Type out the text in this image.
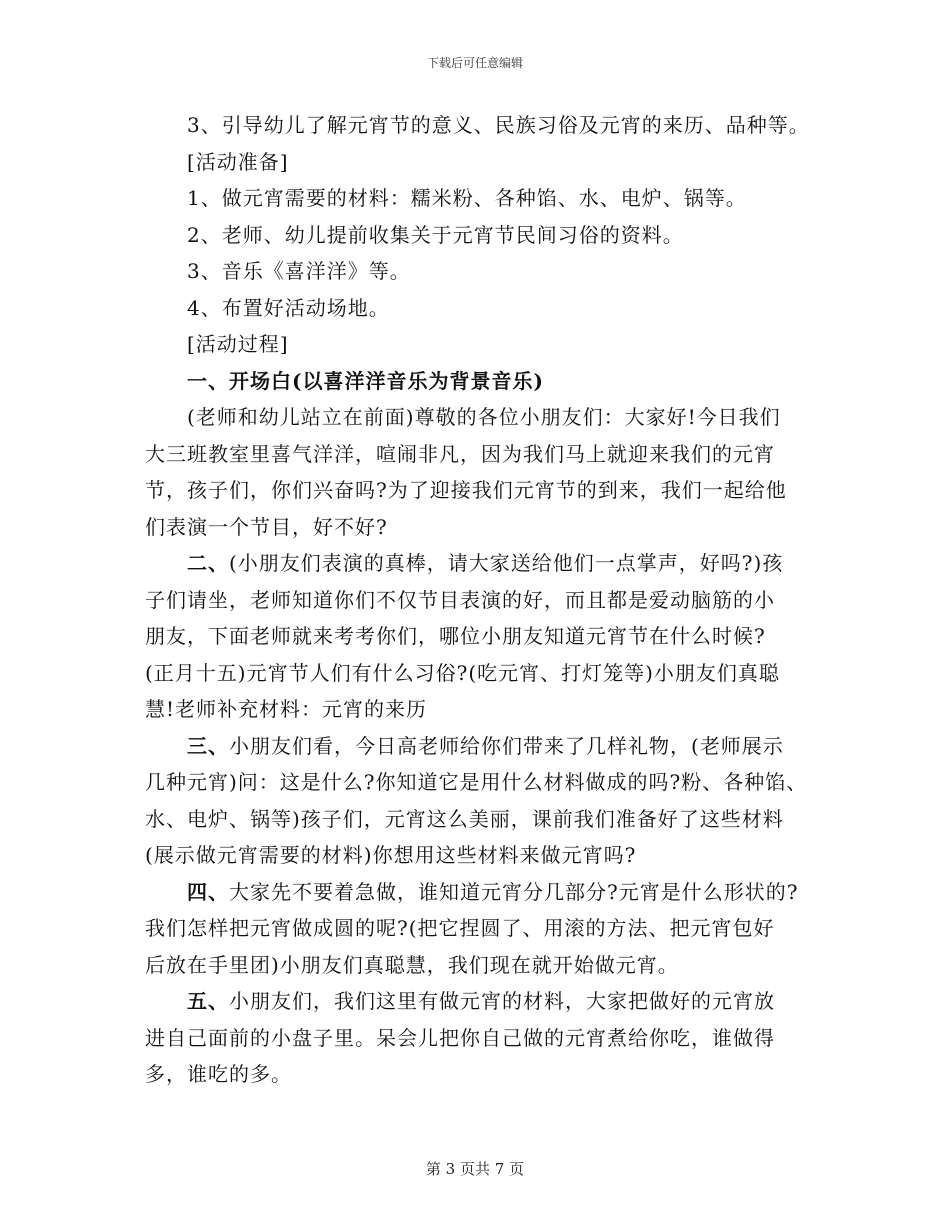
下载后可任意编辑
3、引导幼儿了解元宵节的意义、民族习俗及元宵的来历、品种等。
[活动准备]
1、做元宵需要的材料：糯米粉、各种馅、水、电炉、锅等。
2、老师、幼儿提前收集关于元宵节民间习俗的资料。
3、音乐《喜洋洋》等。
4、布置好活动场地。
[活动过程]
一、开场白(以喜洋洋音乐为背景音乐)
(老师和幼儿站立在前面)尊敬的各位小朋友们：大家好!今日我们
大三班教室里喜气洋洋，喧闹非凡，因为我们马上就迎来我们的元宵
节，孩子们，你们兴奋吗?为了迎接我们元宵节的到来，我们一起给他
们表演一个节目，好不好?
二、(小朋友们表演的真棒，请大家送给他们一点掌声，好吗?)孩
子们请坐，老师知道你们不仅节目表演的好，而且都是爱动脑筋的小
朋友，下面老师就来考考你们，哪位小朋友知道元宵节在什么时候?
(正月十五)元宵节人们有什么习俗?(吃元宵、打灯笼等)小朋友们真聪
慧!老师补充材料：元宵的来历
三、小朋友们看，今日高老师给你们带来了几样礼物，(老师展示
几种元宵)问：这是什么?你知道它是用什么材料做成的吗?粉、各种馅、
水、电炉、锅等)孩子们，元宵这么美丽，课前我们准备好了这些材料
(展示做元宵需要的材料)你想用这些材料来做元宵吗?
四、大家先不要着急做，谁知道元宵分几部分?元宵是什么形状的?
我们怎样把元宵做成圆的呢?(把它捏圆了、用滚的方法、把元宵包好
后放在手里团)小朋友们真聪慧，我们现在就开始做元宵。
五、小朋友们，我们这里有做元宵的材料，大家把做好的元宵放
进自己面前的小盘子里。呆会儿把你自己做的元宵煮给你吃，谁做得
多，谁吃的多。
第 3 页共 7 页
